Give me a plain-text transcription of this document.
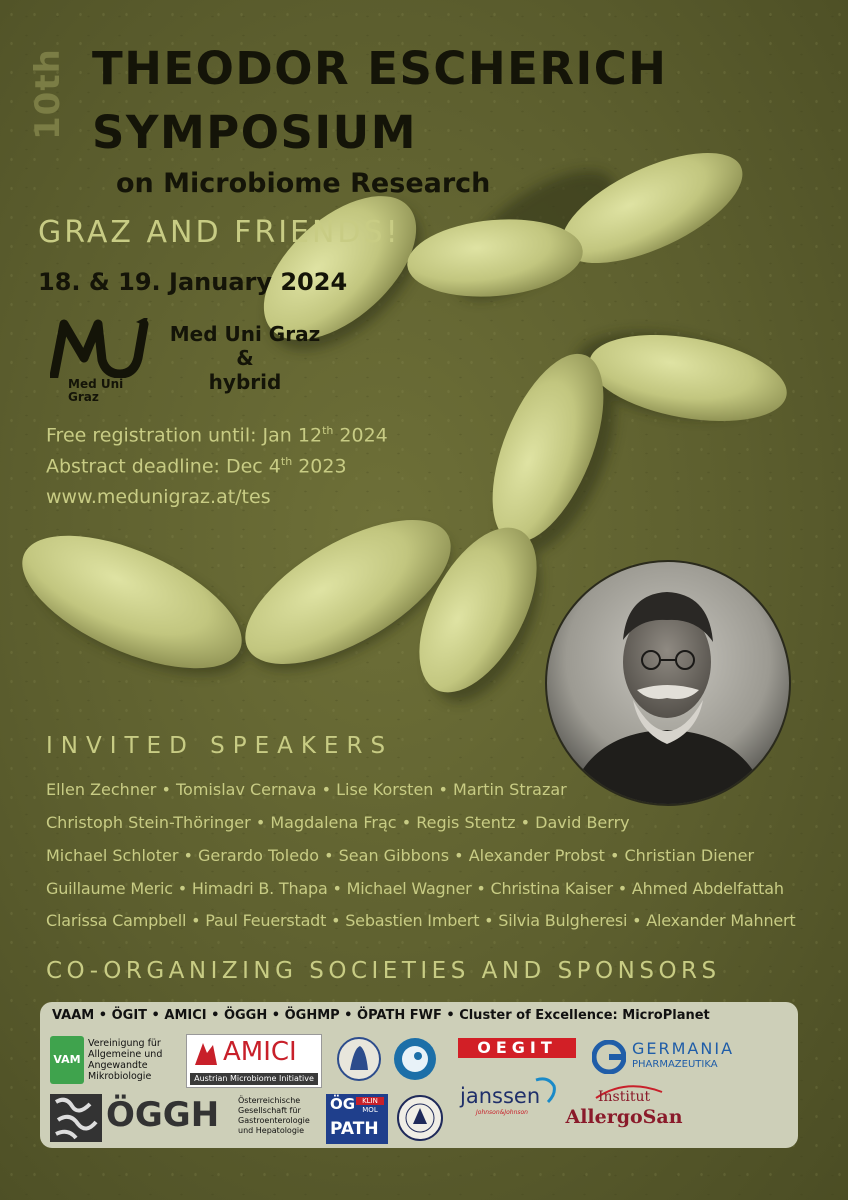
10th THEODOR ESCHERICH
SYMPOSIUM
on Microbiome Research
GRAZ AND FRIENDS!
18. & 19. January 2024
Med Uni
Graz
Med Uni Graz
&
hybrid
Free registration until: Jan 12th 2024
Abstract deadline: Dec 4th 2023
www.medunigraz.at/tes
INVITED SPEAKERS
Ellen Zechner • Tomislav Cernava • Lise Korsten • Martin Strazar
Christoph Stein-Thöringer • Magdalena Frąc • Regis Stentz • David Berry
Michael Schloter • Gerardo Toledo • Sean Gibbons • Alexander Probst • Christian Diener
Guillaume Meric • Himadri B. Thapa • Michael Wagner • Christina Kaiser • Ahmed Abdelfattah
Clarissa Campbell • Paul Feuerstadt • Sebastien Imbert • Silvia Bulgheresi • Alexander Mahnert
CO-ORGANIZING SOCIETIES AND SPONSORS
VAAM • ÖGIT • AMICI • ÖGGH • ÖGHMP • ÖPATH FWF • Cluster of Excellence: MicroPlanet
VAM
Vereinigung für
Allgemeine und
Angewandte
Mikrobiologie
AMICI
Austrian Microbiome Initiative
OEGIT	GERMANIA
PHARMAZEUTIKA
ÖGGH Österreichische
Gesellschaft für
Gastroenterologie
und Hepatologie
ÖG	KLIN
MOL
PATH
janssen
Johnson&Johnson
Institut
AllergoSan
